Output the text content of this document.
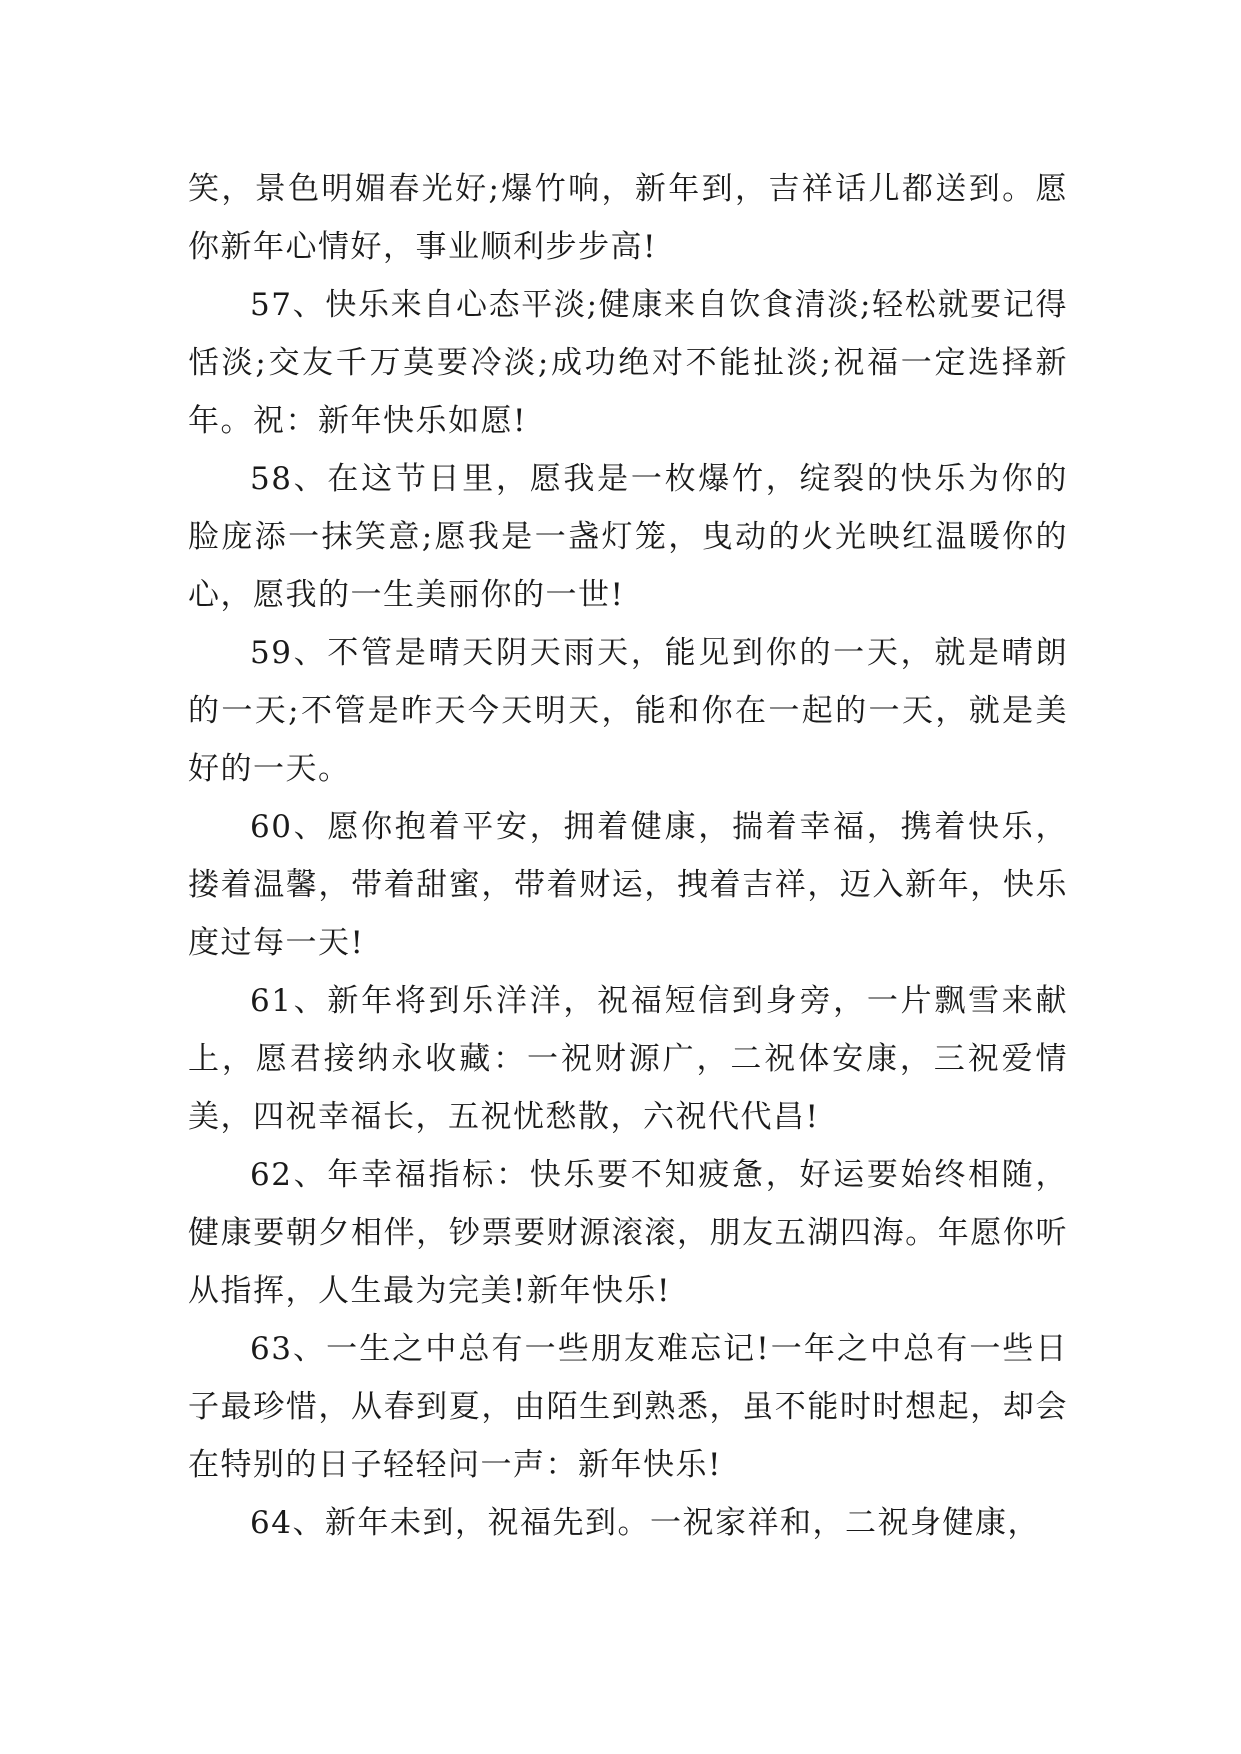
笑，景色明媚春光好;爆竹响，新年到，吉祥话儿都送到。愿你新年心情好，事业顺利步步高!

57、快乐来自心态平淡;健康来自饮食清淡;轻松就要记得恬淡;交友千万莫要冷淡;成功绝对不能扯淡;祝福一定选择新年。祝：新年快乐如愿!

58、在这节日里，愿我是一枚爆竹，绽裂的快乐为你的脸庞添一抹笑意;愿我是一盏灯笼，曳动的火光映红温暖你的心，愿我的一生美丽你的一世!

59、不管是晴天阴天雨天，能见到你的一天，就是晴朗的一天;不管是昨天今天明天，能和你在一起的一天，就是美好的一天。

60、愿你抱着平安，拥着健康，揣着幸福，携着快乐，搂着温馨，带着甜蜜，带着财运，拽着吉祥，迈入新年，快乐度过每一天!

61、新年将到乐洋洋，祝福短信到身旁，一片飘雪来献上，愿君接纳永收藏：一祝财源广，二祝体安康，三祝爱情美，四祝幸福长，五祝忧愁散，六祝代代昌!

62、年幸福指标：快乐要不知疲惫，好运要始终相随，健康要朝夕相伴，钞票要财源滚滚，朋友五湖四海。年愿你听从指挥，人生最为完美!新年快乐!

63、一生之中总有一些朋友难忘记!一年之中总有一些日子最珍惜，从春到夏，由陌生到熟悉，虽不能时时想起，却会在特别的日子轻轻问一声：新年快乐!

64、新年未到，祝福先到。一祝家祥和，二祝身健康，
